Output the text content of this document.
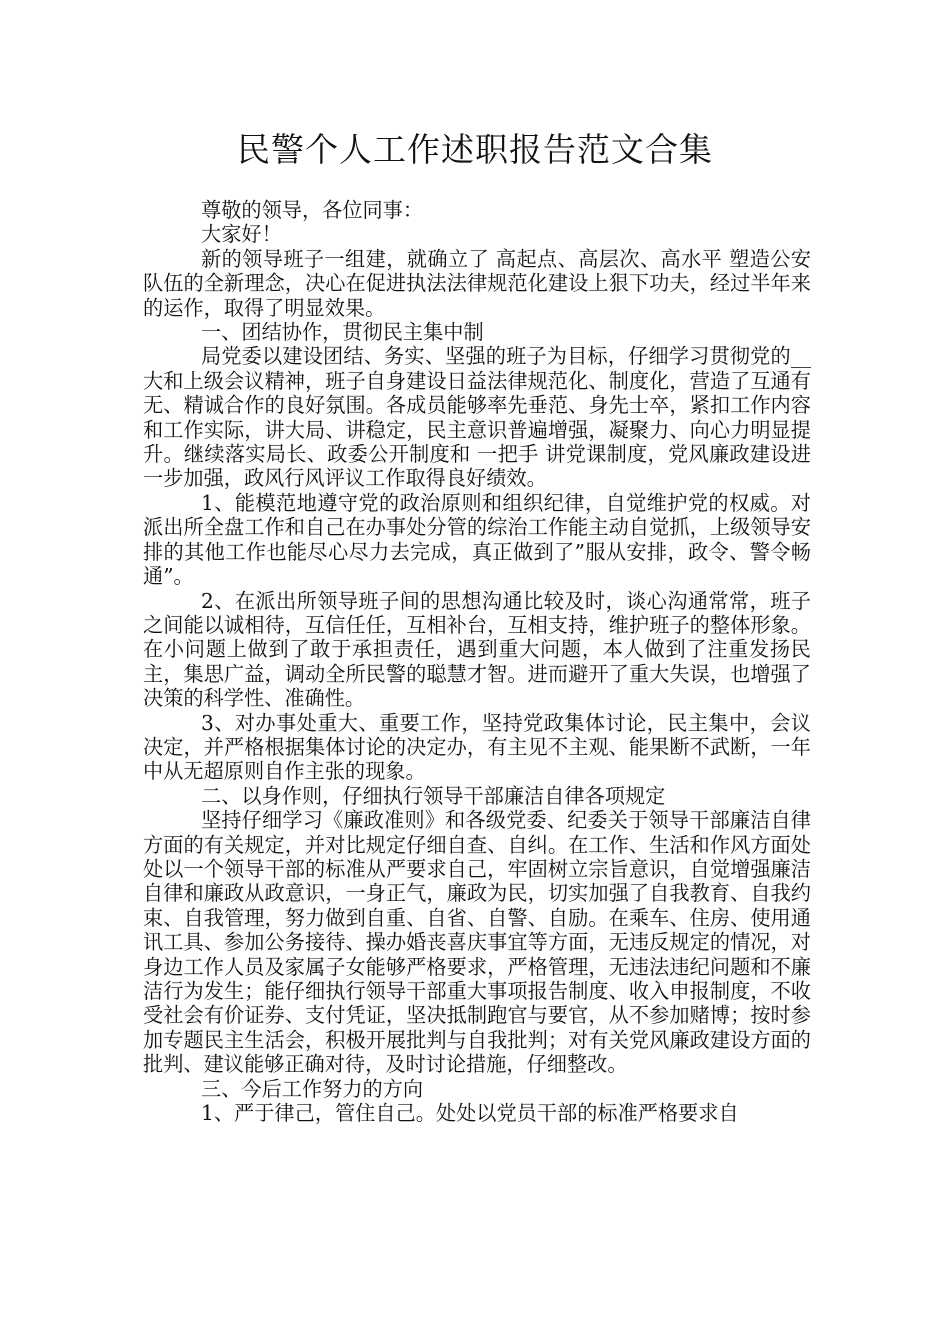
民警个人工作述职报告范文合集

尊敬的领导，各位同事：

大家好！

新的领导班子一组建，就确立了 高起点、高层次、高水平 塑造公安队伍的全新理念，决心在促进执法法律规范化建设上狠下功夫，经过半年来的运作，取得了明显效果。

一、团结协作，贯彻民主集中制

局党委以建设团结、务实、坚强的班子为目标，仔细学习贯彻党的__大和上级会议精神，班子自身建设日益法律规范化、制度化，营造了互通有无、精诚合作的良好氛围。各成员能够率先垂范、身先士卒，紧扣工作内容和工作实际，讲大局、讲稳定，民主意识普遍增强，凝聚力、向心力明显提升。继续落实局长、政委公开制度和 一把手 讲党课制度，党风廉政建设进一步加强，政风行风评议工作取得良好绩效。

1、能模范地遵守党的政治原则和组织纪律，自觉维护党的权威。对派出所全盘工作和自己在办事处分管的综治工作能主动自觉抓，上级领导安排的其他工作也能尽心尽力去完成，真正做到了”服从安排，政令、警令畅通”。

2、在派出所领导班子间的思想沟通比较及时，谈心沟通常常，班子之间能以诚相待，互信任任，互相补台，互相支持，维护班子的整体形象。在小问题上做到了敢于承担责任，遇到重大问题，本人做到了注重发扬民主，集思广益，调动全所民警的聪慧才智。进而避开了重大失误，也增强了决策的科学性、准确性。

3、对办事处重大、重要工作，坚持党政集体讨论，民主集中，会议决定，并严格根据集体讨论的决定办，有主见不主观、能果断不武断，一年中从无超原则自作主张的现象。

二、以身作则，仔细执行领导干部廉洁自律各项规定

坚持仔细学习《廉政准则》和各级党委、纪委关于领导干部廉洁自律方面的有关规定，并对比规定仔细自查、自纠。在工作、生活和作风方面处处以一个领导干部的标准从严要求自己，牢固树立宗旨意识，自觉增强廉洁自律和廉政从政意识，一身正气，廉政为民，切实加强了自我教育、自我约束、自我管理，努力做到自重、自省、自警、自励。在乘车、住房、使用通讯工具、参加公务接待、操办婚丧喜庆事宜等方面，无违反规定的情况，对身边工作人员及家属子女能够严格要求，严格管理，无违法违纪问题和不廉洁行为发生；能仔细执行领导干部重大事项报告制度、收入申报制度，不收受社会有价证券、支付凭证，坚决抵制跑官与要官，从不参加赌博；按时参加专题民主生活会，积极开展批判与自我批判；对有关党风廉政建设方面的批判、建议能够正确对待，及时讨论措施，仔细整改。

三、今后工作努力的方向

1、严于律己，管住自己。处处以党员干部的标准严格要求自
